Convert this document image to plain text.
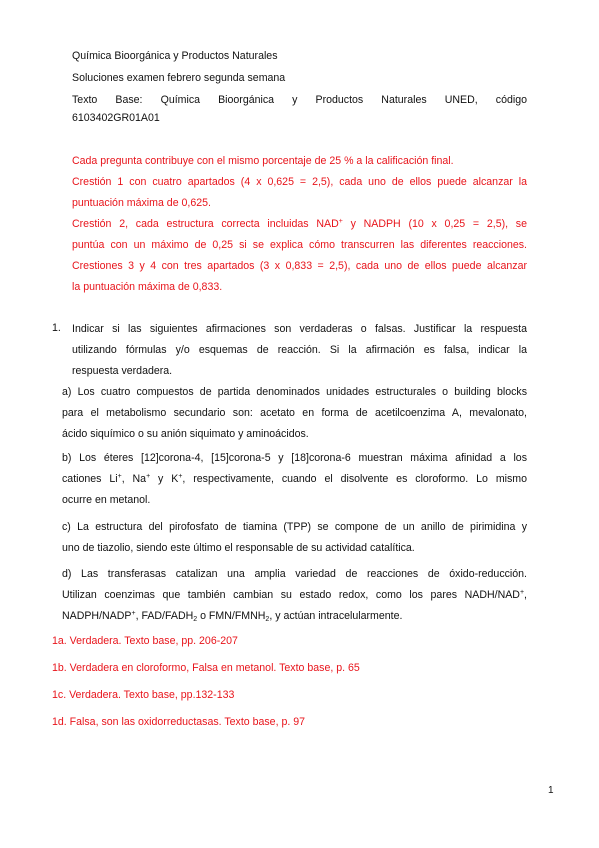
Química Bioorgánica y Productos Naturales
Soluciones examen febrero segunda semana
Texto Base: Química Bioorgánica y Productos Naturales UNED, código
6103402GR01A01
Cada pregunta contribuye con el mismo porcentaje de 25 % a la calificación final.
Crestión 1 con cuatro apartados (4 x 0,625 = 2,5), cada uno de ellos puede alcanzar la
puntuación máxima de 0,625.
Crestión 2, cada estructura correcta incluidas NAD+ y NADPH (10 x 0,25 = 2,5), se
puntúa con un máximo de 0,25 si se explica cómo transcurren las diferentes reacciones.
Crestiones 3 y 4 con tres apartados (3 x 0,833 = 2,5), cada uno de ellos puede alcanzar
la puntuación máxima de 0,833.
1. Indicar si las siguientes afirmaciones son verdaderas o falsas. Justificar la respuesta
utilizando fórmulas y/o esquemas de reacción. Si la afirmación es falsa, indicar la
respuesta verdadera.
a) Los cuatro compuestos de partida denominados unidades estructurales o building blocks
para el metabolismo secundario son: acetato en forma de acetilcoenzima A, mevalonato,
ácido siquímico o su anión siquimato y aminoácidos.
b) Los éteres [12]corona-4, [15]corona-5 y [18]corona-6 muestran máxima afinidad a los
cationes Li+, Na+ y K+, respectivamente, cuando el disolvente es cloroformo. Lo mismo
ocurre en metanol.
c) La estructura del pirofosfato de tiamina (TPP) se compone de un anillo de pirimidina y
uno de tiazolio, siendo este último el responsable de su actividad catalítica.
d) Las transferasas catalizan una amplia variedad de reacciones de óxido-reducción.
Utilizan coenzimas que también cambian su estado redox, como los pares NADH/NAD+,
NADPH/NADP+, FAD/$FADH_2$ o FMN/$FMNH_2$, y actúan intracelularmente.
1a. Verdadera. Texto base, pp. 206-207
1b. Verdadera en cloroformo, Falsa en metanol. Texto base, p. 65
1c. Verdadera. Texto base, pp.132-133
1d. Falsa, son las oxidorreductasas. Texto base, p. 97
1
